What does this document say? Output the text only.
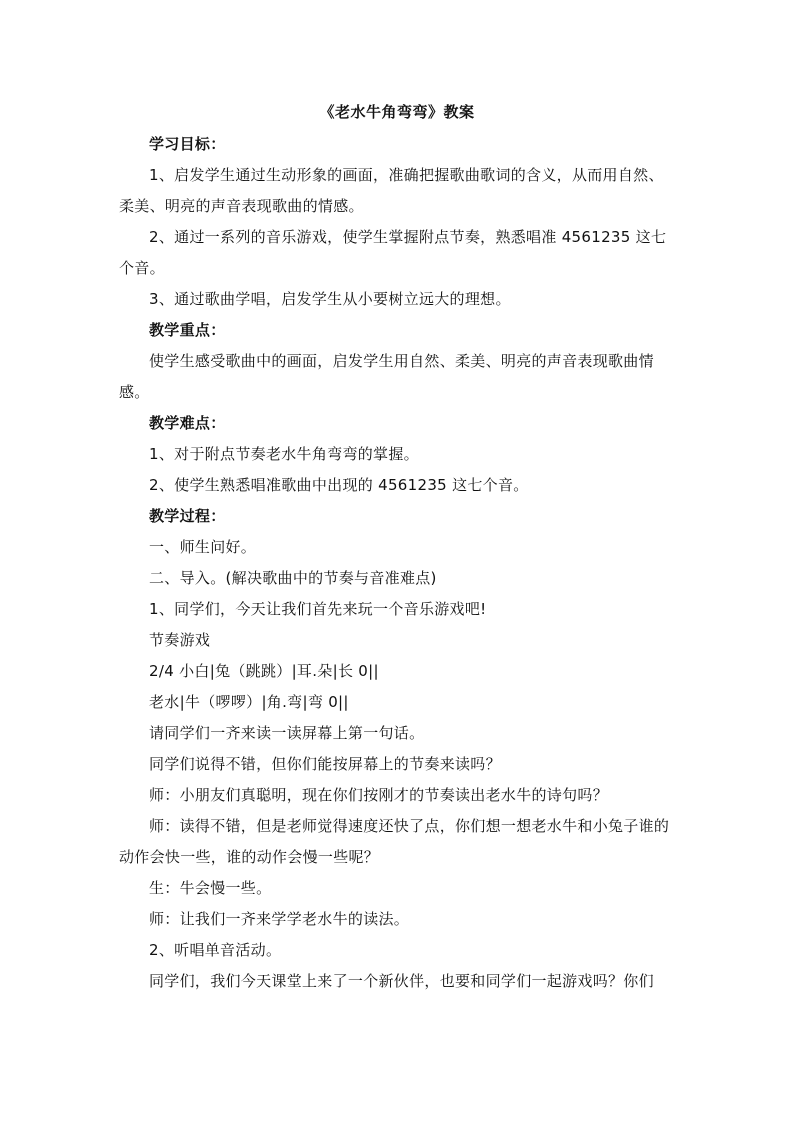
《老水牛角弯弯》教案

学习目标：

1、启发学生通过生动形象的画面，准确把握歌曲歌词的含义，从而用自然、柔美、明亮的声音表现歌曲的情感。

2、通过一系列的音乐游戏，使学生掌握附点节奏，熟悉唱准 4561235 这七个音。

3、通过歌曲学唱，启发学生从小要树立远大的理想。

教学重点：

使学生感受歌曲中的画面，启发学生用自然、柔美、明亮的声音表现歌曲情感。

教学难点：

1、对于附点节奏老水牛角弯弯的掌握。

2、使学生熟悉唱准歌曲中出现的 4561235 这七个音。

教学过程：

一、师生问好。

二、导入。(解决歌曲中的节奏与音准难点)

1、同学们，今天让我们首先来玩一个音乐游戏吧!

节奏游戏

2/4 小白|兔（跳跳）|耳.朵|长 0||

老水|牛（啰啰）|角.弯|弯 0||

请同学们一齐来读一读屏幕上第一句话。

同学们说得不错，但你们能按屏幕上的节奏来读吗？

师：小朋友们真聪明，现在你们按刚才的节奏读出老水牛的诗句吗？

师：读得不错，但是老师觉得速度还快了点，你们想一想老水牛和小兔子谁的动作会快一些，谁的动作会慢一些呢？

生：牛会慢一些。

师：让我们一齐来学学老水牛的读法。

2、听唱单音活动。

同学们，我们今天课堂上来了一个新伙伴，也要和同学们一起游戏吗？你们
